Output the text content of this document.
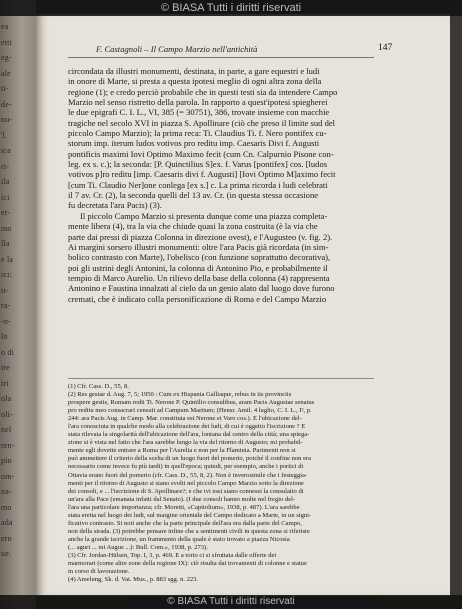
ea
etti
eg-
ale
ti-
de-
nu-
'l.
ica
ri-
ila
ici
er-
mo
lla
e la
ici:
ti-
ra-
-n-
lo
o di
ire
iri
ola
oli-
nel
ren-
pio
om-
na-
mo
ada
ero
ue.
© BIASA Tutti i diritti riservati
F. Castagnoli – Il Campo Marzio nell'antichità	147
circondata da illustri monumenti, destinata, in parte, a gare equestri e ludi
in onore di Marte, si presta a questa ipotesi meglio di ogni altra zona della
regione (1); e credo perciò probabile che in questi testi sia da intendere Campo
Marzio nel senso ristretto della parola. In rapporto a quest'ipotesi spiegherei
le due epigrafi C. I. L., VI, 385 (= 30751), 386, trovate insieme con macchie
tragiche nel secolo XVI in piazza S. Apollinare (ciò che preso il limite sud del
piccolo Campo Marzio); la prima reca: Ti. Claudius Ti. f. Nero pontifex cu-
storum imp. iterum ludos votivos pro reditu imp. Caesaris Divi f. Augusti
pontificis maximi Iovi Optimo Maximo fecit (cum Cn. Calpurnio Pisone con-
leg. ex s. c.); la seconda: [P. Quinctilius S]ex. f. Varus [pontifex] cos. [ludos
votivos p]ro reditu [imp. Caesaris divi f. Augusti] [Iovi Optimo M]aximo fecit
[cum Ti. Claudio Ner]one conlega [ex s.] c. La prima ricorda i ludi celebrati
il 7 av. Cr. (2), la seconda quelli del 13 av. Cr. (in questa stessa occasione
fu decretata l'ara Pacis) (3).
Il piccolo Campo Marzio si presenta dunque come una piazza completa-
mente libera (4), tra la via che chiude quasi la zona costruita (è la via che
parte dai pressi di piazza Colonna in direzione ovest), e l'Augusteo (v. fig. 2).
Ai margini sorsero illustri monumenti: oltre l'ara Pacis già ricordata (in sim-
bolico contrasto con Marte), l'obelisco (con funzione soprattutto decorativa),
poi gli ustrini degli Antonini, la colonna di Antonino Pio, e probabilmente il
tempio di Marco Aurelio. Un rilievo della base della colonna (4) rappresenta
Antonino e Faustina innalzati al cielo da un genio alato dal luogo dove furono
cremati, che è indicato colla personificazione di Roma e del Campo Marzio
(1) Cfr. Cass. D., 55, 8.
(2) Res gestae d. Aug. 7, 5; 1950 : Cum ex Hispania Galliaque, rebus in iis provinciis
prospere gestis, Romam redii Ti. Nerone P. Quintilio consulibus, aram Pacis Augustae senatus
pro reditu meo consacrari censuit ad Campum Martium; (Hensr. Amil. 4 luglio, C. I. L., I², p.
244: ara Pacis Aug. in Camp. Mar. constituta est Nerone et Varo cos.). E l'ubicazione del-
l'ara conosciuta in qualche modo alla celebrazione dei ludi, di cui è oggetto l'iscrizione ? E
stata rilevata la singolarità dell'ubicazione dell'ara, lontana dal centro della città; una spiega-
zione si è vista nel fatto che l'ara sarebbe lungo la via del ritorno di Augusto; mi probabil-
mente egli dovette entrare a Roma per l'Aurelia e non per la Flaminia. Parimenti non si
può ammettere il criterio della scelta di un luogo fuori del pomerio, poiché il confine non era
necessario come invece fu più tardi) in quell'epoca; quindi, per esempio, anche i portici di
Ottavia erano fuori del pomerio (cfr. Cass. D., 55, 8, 2). Non è inverosimile che i festeggia-
menti per il ritorno di Augusto si siano svolti nel piccolo Campo Marzio sotto la direzione
dei consoli, e ... l'iscrizione di S. Apollinare?; e che ivi essi siano connessi la consulatio di
un'ara alla Pace (emanata infatti dal Senato). (I due consoli hanno molte nel fregio del-
l'ara una particolare importanza; cfr. Moretti, «Capitolium», 1938, p. 487). L'ara sarebbe
stata eretta nel luogo dei ludi, sul margine orientale del Campo dedicato a Marte, in un signi-
ficativo contrasto. Si noti anche che la parte principale dell'ara era dalla parte del Campo,
non della strada. (3) potrebbe pensare infine che a sentimenti civili in questa zona si riferiste
anche la grande iscrizione, un frammento della quale è stato trovato a piazza Nicosia
(... aguri ... mi Augus ...): Bull. Com.», 1938, p. 273).
(3) Cfr. Jordan-Hülsen, Top. I, 3, p. 469. E a torto ci si sfruttata dalle offerte dei
marmorari (come altre zone della regione IX): ciò risulta dai trovamenti di colonne e statue
in corso di lavorazione.
(4) Amelung, Sk. d. Vat. Mus., p. 883 sgg. n. 223.
© BIASA Tutti i diritti riservati
